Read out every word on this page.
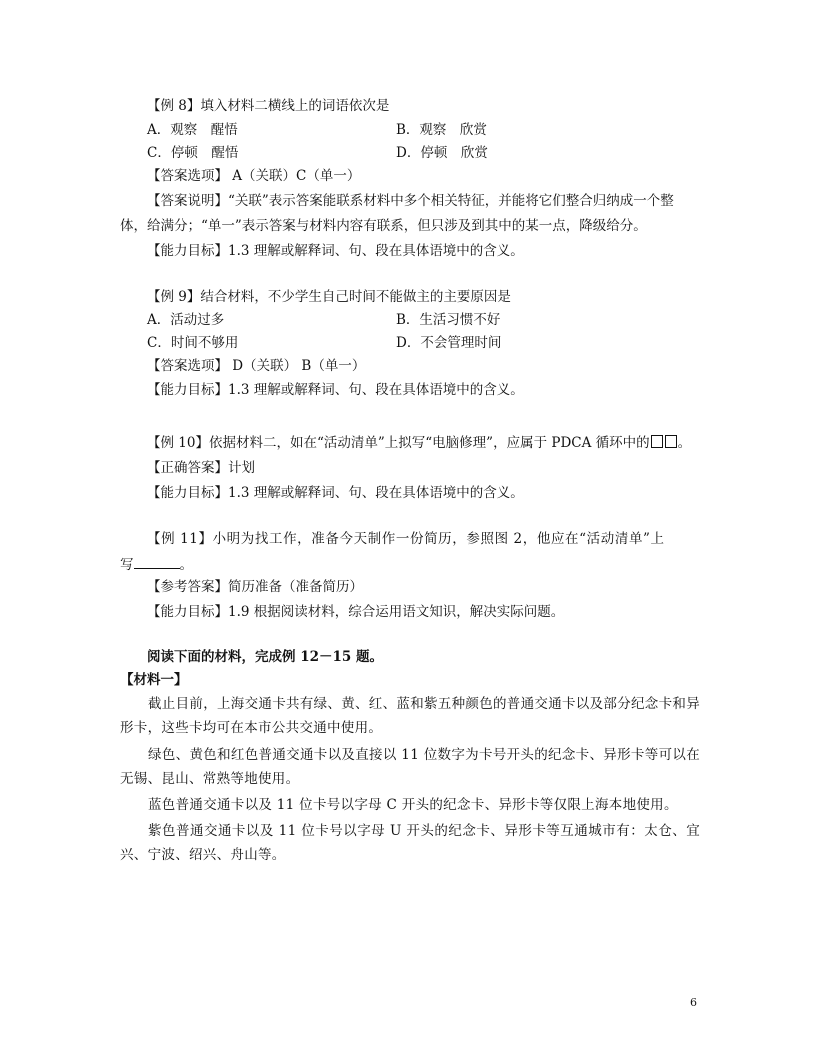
【例 8】填入材料二横线上的词语依次是
A．观察　醒悟	B．观察　欣赏
C．停顿　醒悟	D．停顿　欣赏
【答案选项】 A（关联）C（单一）
【答案说明】“关联”表示答案能联系材料中多个相关特征，并能将它们整合归纳成一个整
体，给满分；“单一”表示答案与材料内容有联系，但只涉及到其中的某一点，降级给分。
【能力目标】1.3 理解或解释词、句、段在具体语境中的含义。
【例 9】结合材料，不少学生自己时间不能做主的主要原因是
A．活动过多	B．生活习惯不好
C．时间不够用	D．不会管理时间
【答案选项】 D（关联） B（单一）
【能力目标】1.3 理解或解释词、句、段在具体语境中的含义。
【例 10】依据材料二，如在“活动清单”上拟写“电脑修理”，应属于 PDCA 循环中的 。
【正确答案】计划
【能力目标】1.3 理解或解释词、句、段在具体语境中的含义。
【例 11】小明为找工作，准备今天制作一份简历，参照图 2，他应在“活动清单”上
写	。
【参考答案】简历准备（准备简历）
【能力目标】1.9 根据阅读材料，综合运用语文知识，解决实际问题。
阅读下面的材料，完成例 12－15 题。
【材料一】
截止目前，上海交通卡共有绿、黄、红、蓝和紫五种颜色的普通交通卡以及部分纪念卡和异形卡，这些卡均可在本市公共交通中使用。
绿色、黄色和红色普通交通卡以及直接以 11 位数字为卡号开头的纪念卡、异形卡等可以在无锡、昆山、常熟等地使用。
蓝色普通交通卡以及 11 位卡号以字母 C 开头的纪念卡、异形卡等仅限上海本地使用。
紫色普通交通卡以及 11 位卡号以字母 U 开头的纪念卡、异形卡等互通城市有：太仓、宜兴、宁波、绍兴、舟山等。
6
